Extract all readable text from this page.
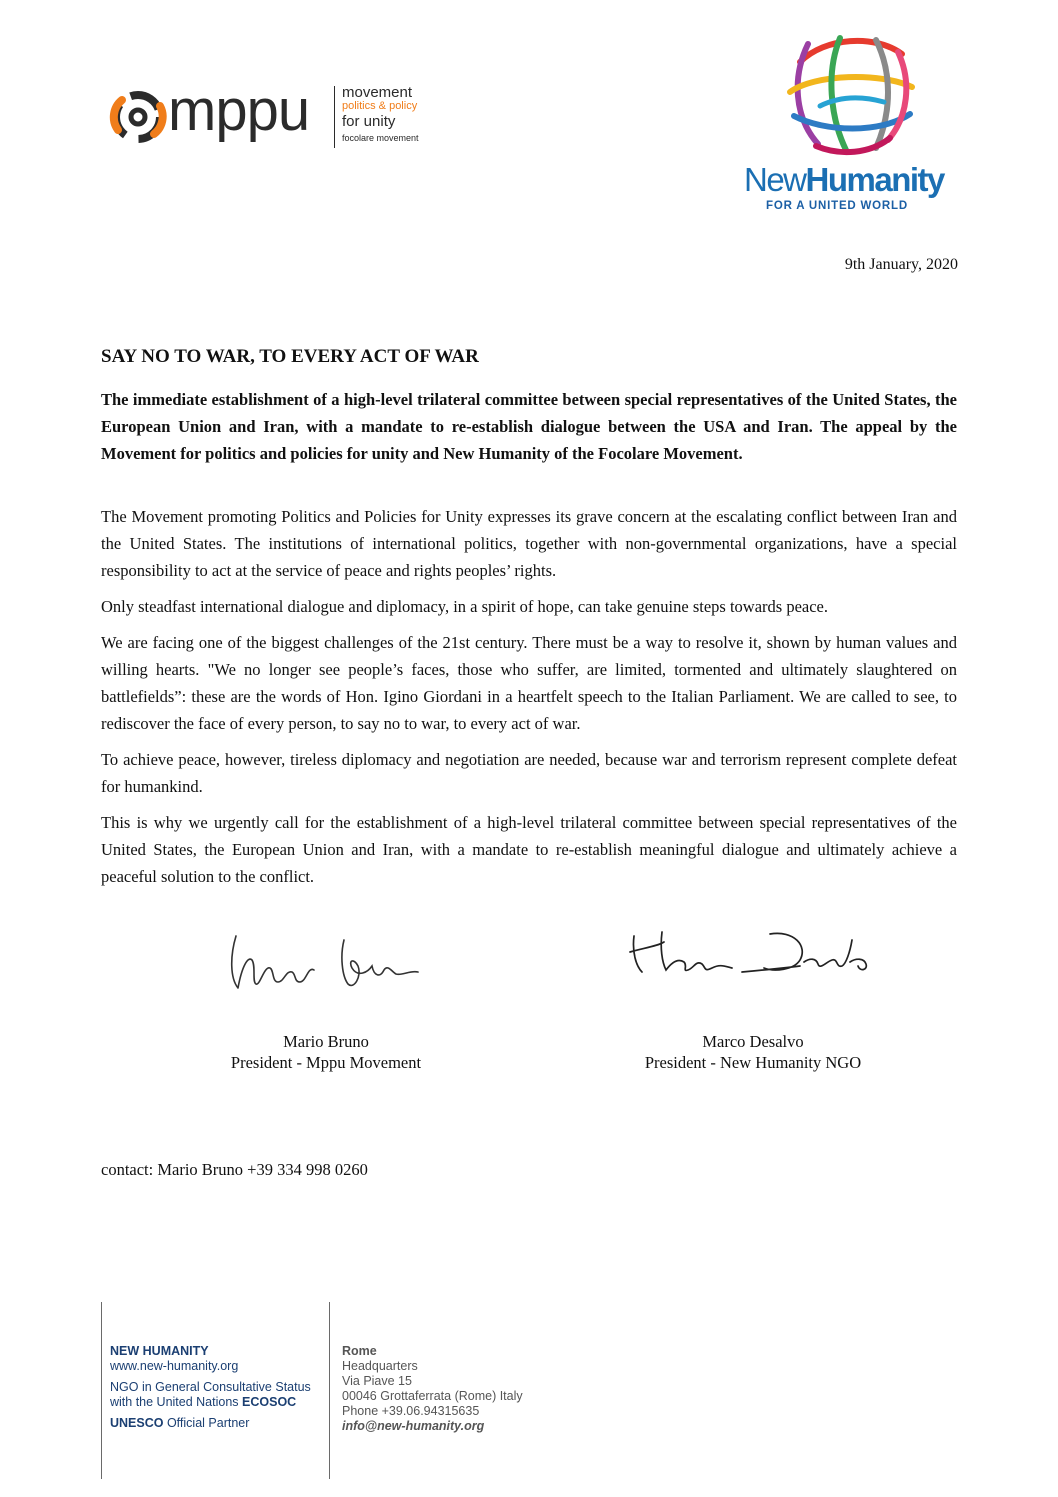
mppu movement
politics & policy
for unity
focolare movement
NewHumanity
FOR A UNITED WORLD
9th January, 2020
SAY NO TO WAR, TO EVERY ACT OF WAR

The immediate establishment of a high-level trilateral committee between special representatives of the United States, the European Union and Iran, with a mandate to re-establish dialogue between the USA and Iran. The appeal by the Movement for politics and policies for unity and New Humanity of the Focolare Movement.

The Movement promoting Politics and Policies for Unity expresses its grave concern at the escalating conflict between Iran and the United States. The institutions of international politics, together with non-governmental organizations, have a special responsibility to act at the service of peace and rights peoples’ rights.

Only steadfast international dialogue and diplomacy, in a spirit of hope, can take genuine steps towards peace.

We are facing one of the biggest challenges of the 21st century. There must be a way to resolve it, shown by human values and willing hearts. "We no longer see people’s faces, those who suffer, are limited, tormented and ultimately slaughtered on battlefields”: these are the words of Hon. Igino Giordani in a heartfelt speech to the Italian Parliament. We are called to see, to rediscover the face of every person, to say no to war, to every act of war.

To achieve peace, however, tireless diplomacy and negotiation are needed, because war and terrorism represent complete defeat for humankind.

This is why we urgently call for the establishment of a high-level trilateral committee between special representatives of the United States, the European Union and Iran, with a mandate to re-establish meaningful dialogue and ultimately achieve a peaceful solution to the conflict.

Mario Bruno
President - Mppu Movement
Marco Desalvo
President - New Humanity NGO
contact: Mario Bruno +39 334 998 0260
NEW HUMANITY
www.new-humanity.org
NGO in General Consultative Status
with the United Nations ECOSOC
UNESCO Official Partner
Rome
Headquarters
Via Piave 15
00046 Grottaferrata (Rome) Italy
Phone +39.06.94315635
info@new-humanity.org
